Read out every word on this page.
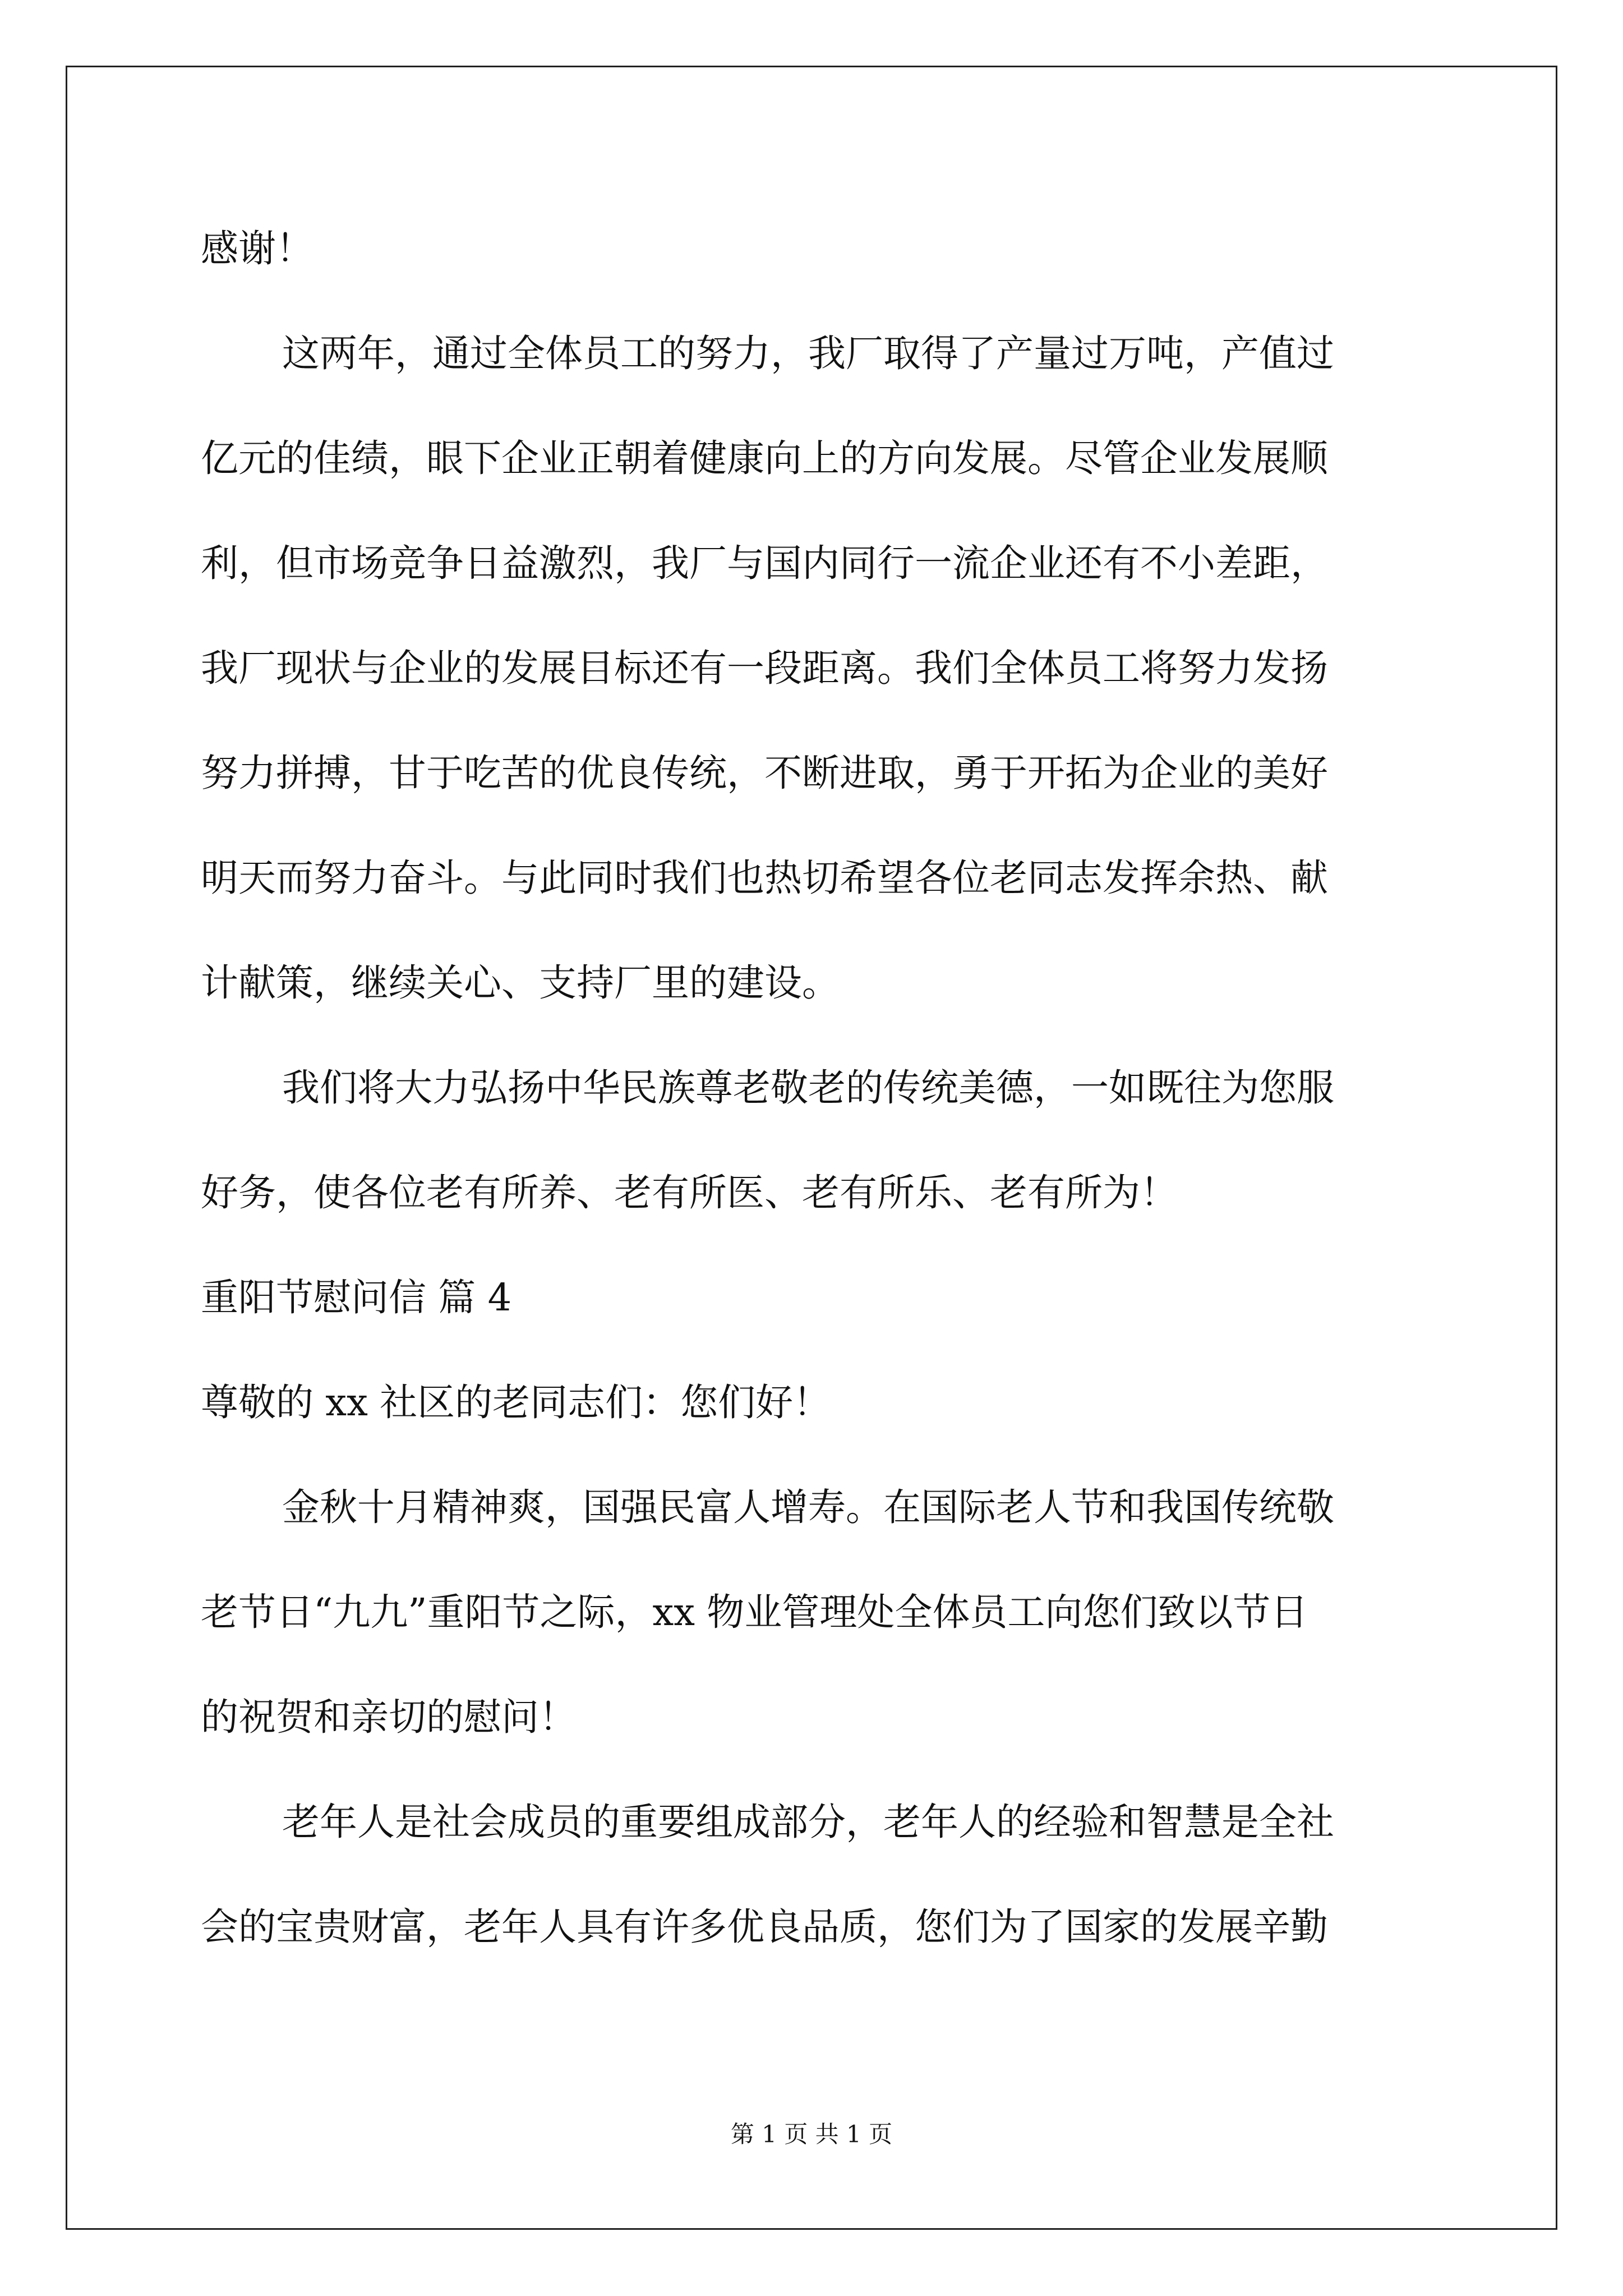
感谢！
这两年，通过全体员工的努力，我厂取得了产量过万吨，产值过
亿元的佳绩，眼下企业正朝着健康向上的方向发展。尽管企业发展顺
利，但市场竞争日益激烈，我厂与国内同行一流企业还有不小差距，
我厂现状与企业的发展目标还有一段距离。我们全体员工将努力发扬
努力拼搏，甘于吃苦的优良传统，不断进取，勇于开拓为企业的美好
明天而努力奋斗。与此同时我们也热切希望各位老同志发挥余热、献
计献策，继续关心、支持厂里的建设。
我们将大力弘扬中华民族尊老敬老的传统美德，一如既往为您服
好务，使各位老有所养、老有所医、老有所乐、老有所为！
重阳节慰问信 篇 4
尊敬的 xx 社区的老同志们：您们好！
金秋十月精神爽，国强民富人增寿。在国际老人节和我国传统敬
老节日“九九”重阳节之际，xx 物业管理处全体员工向您们致以节日
的祝贺和亲切的慰问！
老年人是社会成员的重要组成部分，老年人的经验和智慧是全社
会的宝贵财富，老年人具有许多优良品质，您们为了国家的发展辛勤
第 1 页 共 1 页
